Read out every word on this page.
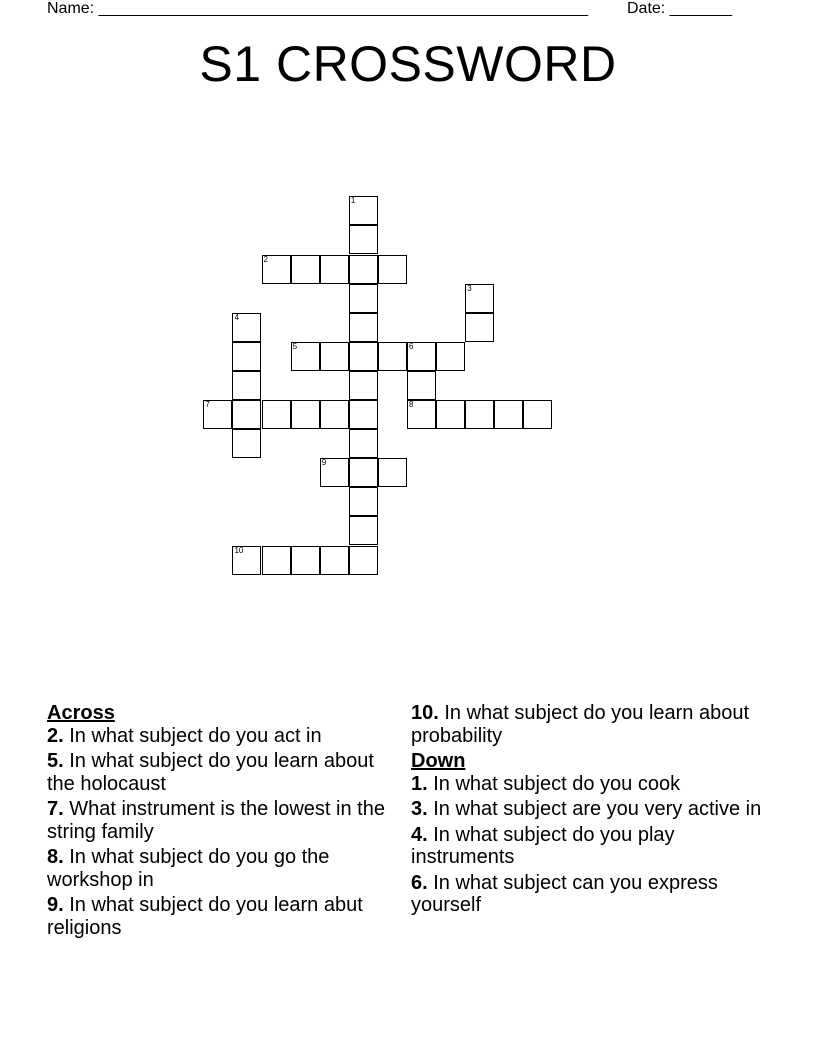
Name: _______________________________________________________ Date: _______
S1 CROSSWORD
1
2
3
4
5	6
7	8
9
10

Across

2. In what subject do you act in

5. In what subject do you learn about the holocaust

7. What instrument is the lowest in the string family

8. In what subject do you go the workshop in

9. In what subject do you learn abut religions

10. In what subject do you learn about probability

Down

1. In what subject do you cook

3. In what subject are you very active in

4. In what subject do you play instruments

6. In what subject can you express yourself
